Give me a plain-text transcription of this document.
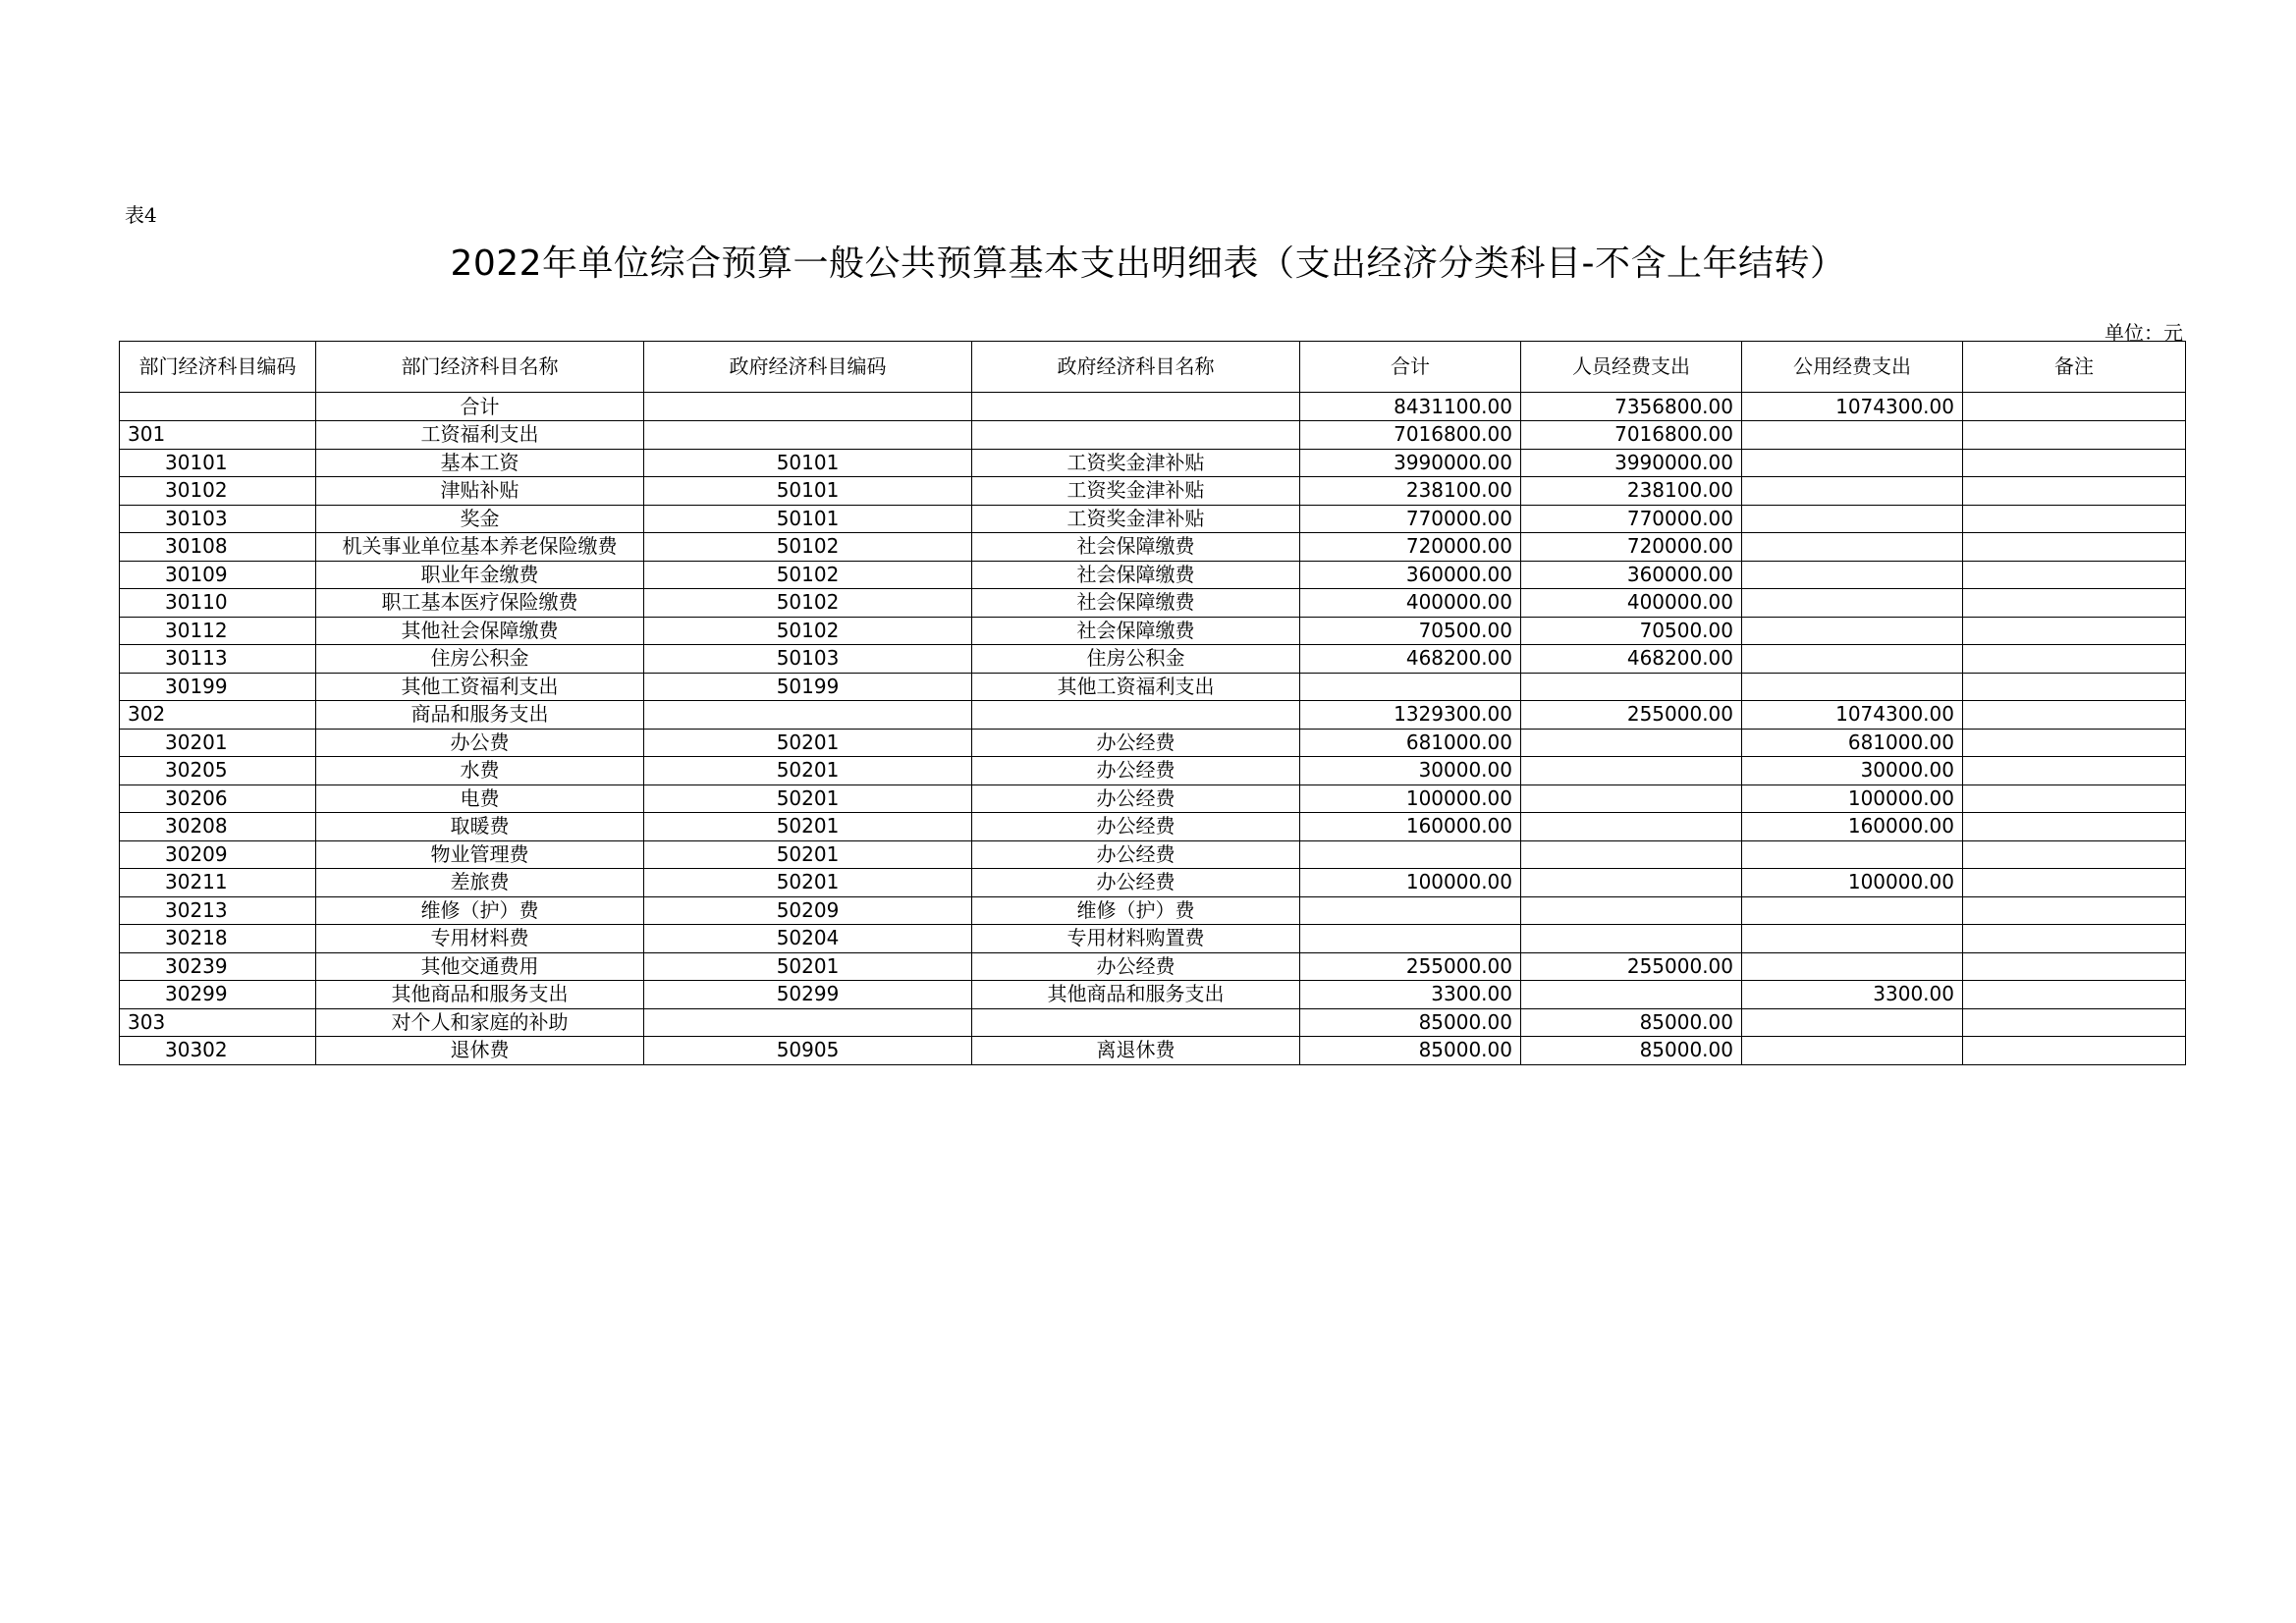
表4
2022年单位综合预算一般公共预算基本支出明细表（支出经济分类科目-不含上年结转）
单位：元
部门经济科目编码	部门经济科目名称	政府经济科目编码	政府经济科目名称	合计	人员经费支出	公用经费支出	备注
	合计			8431100.00	7356800.00	1074300.00	
301	工资福利支出			7016800.00	7016800.00		
30101	基本工资	50101	工资奖金津补贴	3990000.00	3990000.00		
30102	津贴补贴	50101	工资奖金津补贴	238100.00	238100.00		
30103	奖金	50101	工资奖金津补贴	770000.00	770000.00		
30108	机关事业单位基本养老保险缴费	50102	社会保障缴费	720000.00	720000.00		
30109	职业年金缴费	50102	社会保障缴费	360000.00	360000.00		
30110	职工基本医疗保险缴费	50102	社会保障缴费	400000.00	400000.00		
30112	其他社会保障缴费	50102	社会保障缴费	70500.00	70500.00		
30113	住房公积金	50103	住房公积金	468200.00	468200.00		
30199	其他工资福利支出	50199	其他工资福利支出				
302	商品和服务支出			1329300.00	255000.00	1074300.00	
30201	办公费	50201	办公经费	681000.00		681000.00	
30205	水费	50201	办公经费	30000.00		30000.00	
30206	电费	50201	办公经费	100000.00		100000.00	
30208	取暖费	50201	办公经费	160000.00		160000.00	
30209	物业管理费	50201	办公经费				
30211	差旅费	50201	办公经费	100000.00		100000.00	
30213	维修（护）费	50209	维修（护）费				
30218	专用材料费	50204	专用材料购置费				
30239	其他交通费用	50201	办公经费	255000.00	255000.00		
30299	其他商品和服务支出	50299	其他商品和服务支出	3300.00		3300.00	
303	对个人和家庭的补助			85000.00	85000.00		
30302	退休费	50905	离退休费	85000.00	85000.00		
